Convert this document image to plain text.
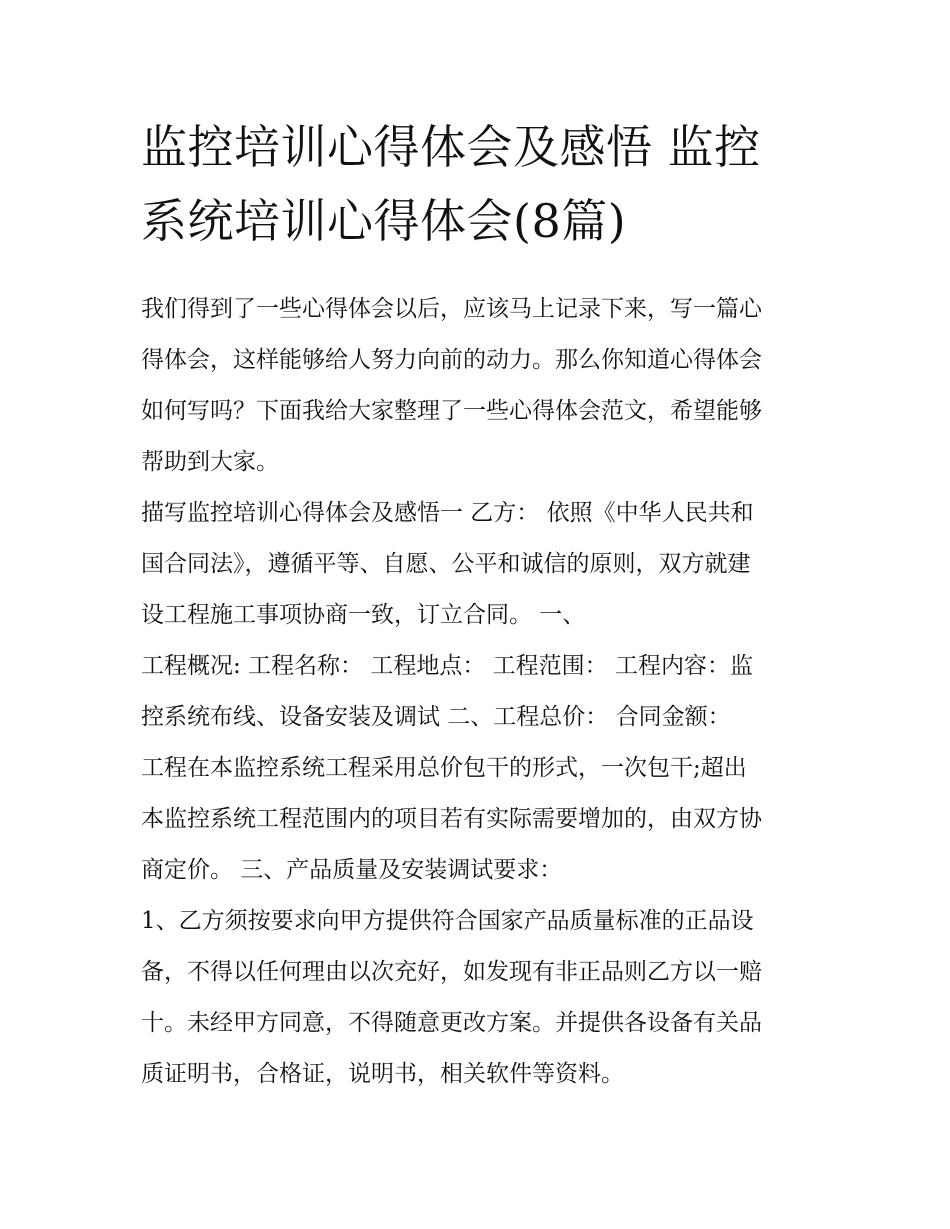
监控培训心得体会及感悟 监控
系统培训心得体会(8篇)
我们得到了一些心得体会以后，应该马上记录下来，写一篇心
得体会，这样能够给人努力向前的动力。那么你知道心得体会
如何写吗？下面我给大家整理了一些心得体会范文，希望能够
帮助到大家。
描写监控培训心得体会及感悟一 乙方： 依照《中华人民共和
国合同法》，遵循平等、自愿、公平和诚信的原则，双方就建
设工程施工事项协商一致，订立合同。 一、
工程概况: 工程名称： 工程地点： 工程范围： 工程内容：监
控系统布线、设备安装及调试 二、工程总价： 合同金额：
工程在本监控系统工程采用总价包干的形式，一次包干;超出
本监控系统工程范围内的项目若有实际需要增加的，由双方协
商定价。 三、产品质量及安装调试要求：
1、乙方须按要求向甲方提供符合国家产品质量标准的正品设
备，不得以任何理由以次充好，如发现有非正品则乙方以一赔
十。未经甲方同意，不得随意更改方案。并提供各设备有关品
质证明书，合格证，说明书，相关软件等资料。
